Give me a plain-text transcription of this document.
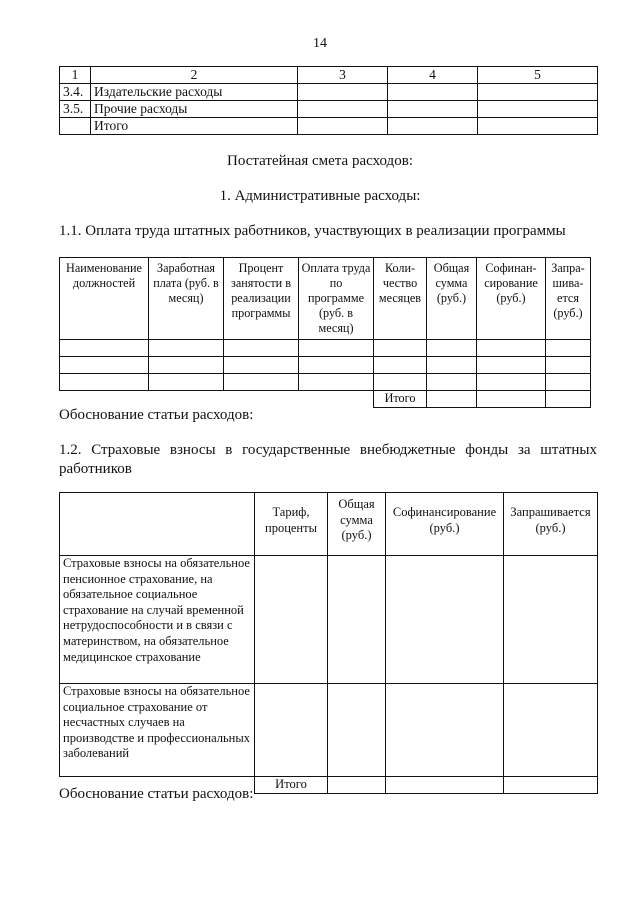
14
1	2	3	4	5
3.4.	Издательские расходы			
3.5.	Прочие расходы			
	Итого			
Постатейная смета расходов:
1. Административные расходы:
1.1. Оплата труда штатных работников, участвующих в реализации программы
Наименование должностей	Заработная плата (руб. в месяц)	Процент занятости в реализации программы	Оплата труда по программе (руб. в месяц)	Коли-чество месяцев	Общая сумма (руб.)	Софинан-сирование (руб.)	Запра-шива-ется (руб.)

				Итого			
Обоснование статьи расходов:
1.2. Страховые взносы в государственные внебюджетные фонды за штатных работников
	Тариф, проценты	Общая сумма (руб.)	Софинансирование (руб.)	Запрашивается (руб.)
Страховые взносы на обязательное пенсионное страхование, на обязательное социальное страхование на случай временной нетрудоспособности и в связи с материнством, на обязательное медицинское страхование				
Страховые взносы на обязательное социальное страхование от несчастных случаев на производстве и профессиональных заболеваний				
	Итого			
Обоснование статьи расходов:
